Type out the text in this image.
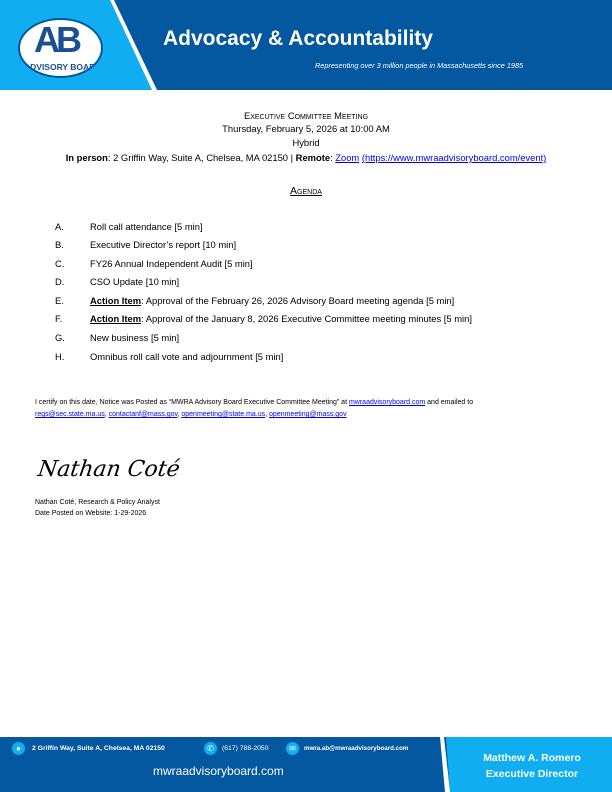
AB
ADVISORY BOARD
Advocacy & Accountability
Representing over 3 million people in Massachusetts since 1985
Executive Committee Meeting
Thursday, February 5, 2026 at 10:00 AM
Hybrid
In person: 2 Griffin Way, Suite A, Chelsea, MA 02150 | Remote: Zoom (https://www.mwraadvisoryboard.com/event)
Agenda
A.	Roll call attendance [5 min]
B.	Executive Director’s report [10 min]
C.	FY26 Annual Independent Audit [5 min]
D.	CSO Update [10 min]
E.	Action Item: Approval of the February 26, 2026 Advisory Board meeting agenda [5 min]
F.	Action Item: Approval of the January 8, 2026 Executive Committee meeting minutes [5 min]
G.	New business [5 min]
H.	Omnibus roll call vote and adjournment [5 min]
I certify on this date, Notice was Posted as “MWRA Advisory Board Executive Committee Meeting” at mwraadvisoryboard.com and emailed to
regs@sec.state.ma.us, contactanf@mass.gov, openmeeting@state.ma.us, openmeeting@mass.gov
Nathan Coté
Nathan Coté, Research & Policy Analyst
Date Posted on Website: 1-29-2026
●	2 Griffin Way, Suite A, Chelsea, MA 02150	✆	(617) 788-2050	✉	mwra.ab@mwraadvisoryboard.com
mwraadvisoryboard.com
Matthew A. Romero
Executive Director
